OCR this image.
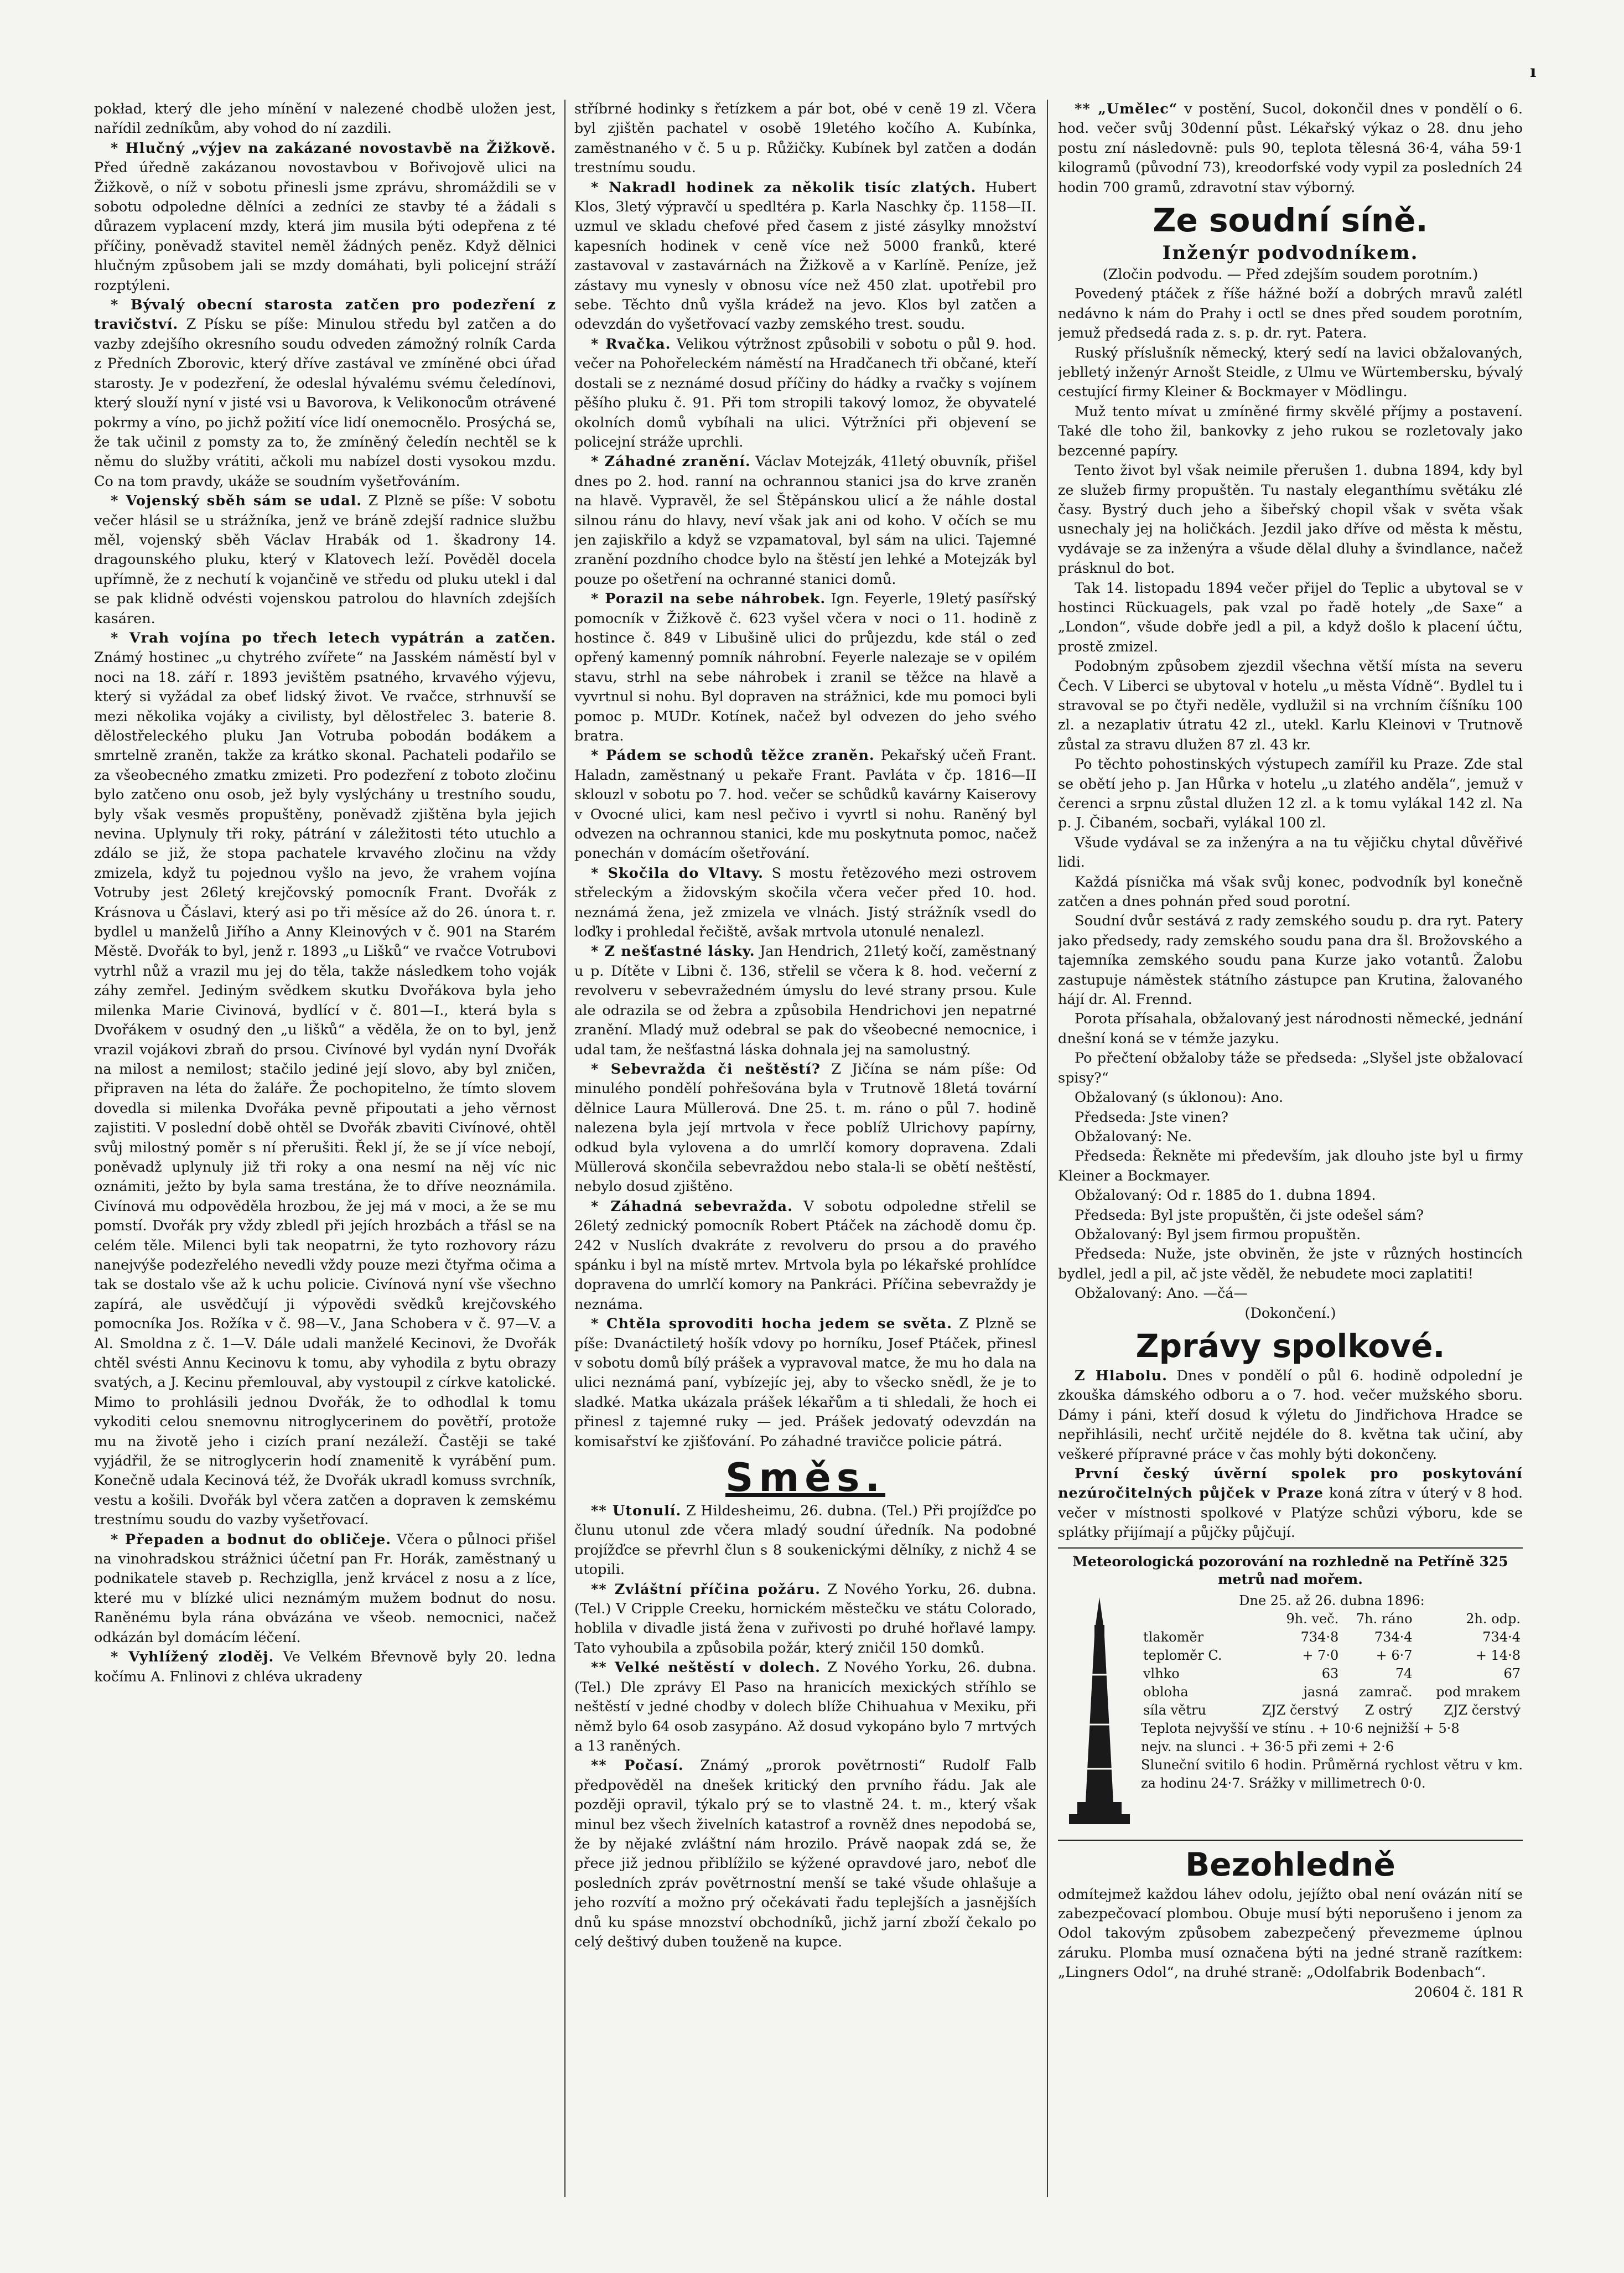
ı

pokład, který dle jeho mínění v nalezené chodbě uložen jest, nařídil zedníkům, aby vohod do ní zazdili.

* Hlučný „výjev na zakázané novostavbě na Žižkově. Před úředně zakázanou novostavbou v Bořivojově ulici na Žižkově, o níž v sobotu přinesli jsme zprávu, shromáždili se v sobotu odpoledne dělníci a zedníci ze stavby té a žádali s důrazem vyplacení mzdy, která jim musila býti odepřena z té příčiny, poněvadž stavitel neměl žádných peněz. Když dělnici hlučným způsobem jali se mzdy domáhati, byli policejní stráží rozptýleni.

* Bývalý obecní starosta zatčen pro podezření z travičství. Z Písku se píše: Minulou středu byl zatčen a do vazby zdejšího okresního soudu odveden zámožný rolník Carda z Předních Zborovic, který dříve zastával ve zmíněné obci úřad starosty. Je v podezření, že odeslal hývalému svému čeledínovi, který slouží nyní v jisté vsi u Bavorova, k Velikonocům otrávené pokrmy a víno, po jichž požití více lidí onemocnělo. Prosýchá se, že tak učinil z pomsty za to, že zmíněný čeledín nechtěl se k němu do služby vrátiti, ačkoli mu nabízel dosti vysokou mzdu. Co na tom pravdy, ukáže se soudním vyšetřováním.

* Vojenský sběh sám se udal. Z Plzně se píše: V sobotu večer hlásil se u strážníka, jenž ve bráně zdejší radnice službu měl, vojenský sběh Václav Hrabák od 1. škadrony 14. dragounského pluku, který v Klatovech leží. Pověděl docela upřímně, že z nechutí k vojančině ve středu od pluku utekl i dal se pak klidně odvésti vojenskou patrolou do hlavních zdejších kasáren.

* Vrah vojína po třech letech vypátrán a zatčen. Známý hostinec „u chytrého zvířete“ na Jasském náměstí byl v noci na 18. září r. 1893 jevištěm psatného, krvavého výjevu, který si vyžádal za obeť lidský život. Ve rvačce, strhnuvší se mezi několika vojáky a civilisty, byl dělostřelec 3. baterie 8. dělostřeleckého pluku Jan Votruba pobodán bodákem a smrtelně zraněn, takže za krátko skonal. Pachateli podařilo se za všeobecného zmatku zmizeti. Pro podezření z toboto zločinu bylo zatčeno onu osob, jež byly vyslýchány u trestního soudu, byly však vesměs propuštěny, poněvadž zjištěna byla jejich nevina. Uplynuly tři roky, pátrání v záležitosti této utuchlo a zdálo se již, že stopa pachatele krvavého zločinu na vždy zmizela, když tu pojednou vyšlo na jevo, že vrahem vojína Votruby jest 26letý krejčovský pomocník Frant. Dvořák z Krásnova u Čáslavi, který asi po tři měsíce až do 26. února t. r. bydlel u manželů Jiřího a Anny Kleinových v č. 901 na Starém Městě. Dvořák to byl, jenž r. 1893 „u Lišků“ ve rvačce Votrubovi vytrhl nůž a vrazil mu jej do těla, takže následkem toho voják záhy zemřel. Jediným svědkem skutku Dvořákova byla jeho milenka Marie Civinová, bydlící v č. 801—I., která byla s Dvořákem v osudný den „u lišků“ a věděla, že on to byl, jenž vrazil vojákovi zbraň do prsou. Civínové byl vydán nyní Dvořák na milost a nemilost; stačilo jediné její slovo, aby byl zničen, připraven na léta do žaláře. Že pochopitelno, že tímto slovem dovedla si milenka Dvořáka pevně připoutati a jeho věrnost zajistiti. V poslední době ohtěl se Dvořák zbaviti Civínové, ohtěl svůj milostný poměr s ní přerušiti. Řekl jí, že se jí více nebojí, poněvadž uplynuly již tři roky a ona nesmí na něj víc nic oznámiti, ježto by byla sama trestána, že to dříve neoznámila. Civínová mu odpověděla hrozbou, že jej má v moci, a že se mu pomstí. Dvořák pry vždy zbledl při jejích hrozbách a třásl se na celém těle. Milenci byli tak neopatrni, že tyto rozhovory rázu nanejvýše podezřelého nevedli vždy pouze mezi čtyřma očima a tak se dostalo vše až k uchu policie. Civínová nyní vše všechno zapírá, ale usvědčují ji výpovědi svědků krejčovského pomocníka Jos. Rožíka v č. 98—V., Jana Schobera v č. 97—V. a Al. Smoldna z č. 1—V. Dále udali manželé Kecinovi, že Dvořák chtěl svésti Annu Kecinovu k tomu, aby vyhodila z bytu obrazy svatých, a J. Kecinu přemlouval, aby vystoupil z církve katolické. Mimo to prohlásili jednou Dvořák, že to odhodlal k tomu vykoditi celou snemovnu nitroglycerinem do povětří, protože mu na životě jeho i cizích praní nezáleží. Častěji se také vyjádřil, že se nitroglycerin hodí znamenitě k vyrábění pum. Konečně udala Kecinová též, že Dvořák ukradl komuss svrchník, vestu a košili. Dvořák byl včera zatčen a dopraven k zemskému trestnímu soudu do vazby vyšetřovací.

* Přepaden a bodnut do obličeje. Včera o půlnoci přišel na vinohradskou strážnici účetní pan Fr. Horák, zaměstnaný u podnikatele staveb p. Rechziglla, jenž krvácel z nosu a z líce, které mu v blízké ulici neznámým mužem bodnut do nosu. Raněnému byla rána obvázána ve všeob. nemocnici, načež odkázán byl domácím léčení.

* Vyhlížený zloděj. Ve Velkém Břevnově byly 20. ledna kočímu A. Fnlinovi z chléva ukradeny

stříbrné hodinky s řetízkem a pár bot, obé v ceně 19 zl. Včera byl zjištěn pachatel v osobě 19letého kočího A. Kubínka, zaměstnaného v č. 5 u p. Růžičky. Kubínek byl zatčen a dodán trestnímu soudu.

* Nakradl hodinek za několik tisíc zlatých. Hubert Klos, 3letý výpravčí u spedltéra p. Karla Naschky čp. 1158—II. uzmul ve skladu chefové před časem z jisté zásylky množství kapesních hodinek v ceně více než 5000 franků, které zastavoval v zastavárnách na Žižkově a v Karlíně. Peníze, jež zástavy mu vynesly v obnosu více než 450 zlat. upotřebil pro sebe. Těchto dnů vyšla krádež na jevo. Klos byl zatčen a odevzdán do vyšetřovací vazby zemského trest. soudu.

* Rvačka. Velikou výtržnost způsobili v sobotu o půl 9. hod. večer na Pohořeleckém náměstí na Hradčanech tři občané, kteří dostali se z neznámé dosud příčiny do hádky a rvačky s vojínem pěšího pluku č. 91. Při tom stropili takový lomoz, že obyvatelé okolních domů vybíhali na ulici. Výtržníci při objevení se policejní stráže uprchli.

* Záhadné zranění. Václav Motejzák, 41letý obuvník, přišel dnes po 2. hod. ranní na ochrannou stanici jsa do krve zraněn na hlavě. Vypravěl, že sel Štěpánskou ulicí a že náhle dostal silnou ránu do hlavy, neví však jak ani od koho. V očích se mu jen zajiskřilo a když se vzpamatoval, byl sám na ulici. Tajemné zranění pozdního chodce bylo na štěstí jen lehké a Motejzák byl pouze po ošetření na ochranné stanici domů.

* Porazil na sebe náhrobek. Ign. Feyerle, 19letý pasířský pomocník v Žižkově č. 623 vyšel včera v noci o 11. hodině z hostince č. 849 v Libušině ulici do průjezdu, kde stál o zeď opřený kamenný pomník náhrobní. Feyerle nalezaje se v opilém stavu, strhl na sebe náhrobek i zranil se těžce na hlavě a vyvrtnul si nohu. Byl dopraven na strážnici, kde mu pomoci byli pomoc p. MUDr. Kotínek, načež byl odvezen do jeho svého bratra.

* Pádem se schodů těžce zraněn. Pekařský učeň Frant. Haladn, zaměstnaný u pekaře Frant. Pavláta v čp. 1816—II sklouzl v sobotu po 7. hod. večer se schůdků kavárny Kaiserovy v Ovocné ulici, kam nesl pečivo i vyvrtl si nohu. Raněný byl odvezen na ochrannou stanici, kde mu poskytnuta pomoc, načež ponechán v domácím ošetřování.

* Skočila do Vltavy. S mostu řetězového mezi ostrovem střeleckým a židovským skočila včera večer před 10. hod. neznámá žena, jež zmizela ve vlnách. Jistý strážník vsedl do loďky i prohledal řečiště, avšak mrtvola utonulé nenalezl.

* Z nešťastné lásky. Jan Hendrich, 21letý kočí, zaměstnaný u p. Dítěte v Libni č. 136, střelil se včera k 8. hod. večerní z revolveru v sebevražedném úmyslu do levé strany prsou. Kule ale odrazila se od žebra a způsobila Hendrichovi jen nepatrné zranění. Mladý muž odebral se pak do všeobecné nemocnice, i udal tam, že nešťastná láska dohnala jej na samolustný.

* Sebevražda či neštěstí? Z Jičína se nám píše: Od minulého pondělí pohřešována byla v Trutnově 18letá tovární dělnice Laura Müllerová. Dne 25. t. m. ráno o půl 7. hodině nalezena byla její mrtvola v řece poblíž Ulrichovy papírny, odkud byla vylovena a do umrlčí komory dopravena. Zdali Müllerová skončila sebevraždou nebo stala-li se obětí neštěstí, nebylo dosud zjištěno.

* Záhadná sebevražda. V sobotu odpoledne střelil se 26letý zednický pomocník Robert Ptáček na záchodě domu čp. 242 v Nuslích dvakráte z revolveru do prsou a do pravého spánku i byl na místě mrtev. Mrtvola byla po lékařské prohlídce dopravena do umrlčí komory na Pankráci. Příčina sebevraždy je neznáma.

* Chtěla sprovoditi hocha jedem se světa. Z Plzně se píše: Dvanáctiletý hošík vdovy po horníku, Josef Ptáček, přinesl v sobotu domů bílý prášek a vypravoval matce, že mu ho dala na ulici neznámá paní, vybízejíc jej, aby to všecko snědl, že je to sladké. Matka ukázala prášek lékařům a ti shledali, že hoch ei přinesl z tajemné ruky — jed. Prášek jedovatý odevzdán na komisařství ke zjišťování. Po záhadné travičce policie pátrá.

Směs.

** Utonulí. Z Hildesheimu, 26. dubna. (Tel.) Při projížďce po člunu utonul zde včera mladý soudní úředník. Na podobné projížďce se převrhl člun s 8 soukenickými dělníky, z nichž 4 se utopili.

** Zvláštní příčina požáru. Z Nového Yorku, 26. dubna. (Tel.) V Cripple Creeku, hornickém městečku ve státu Colorado, hoblila v divadle jistá žena v zuřivosti po druhé hořlavé lampy. Tato vyhoubila a způsobila požár, který zničil 150 domků.

** Velké neštěstí v dolech. Z Nového Yorku, 26. dubna. (Tel.) Dle zprávy El Paso na hranicích mexických stříhlo se neštěstí v jedné chodby v dolech blíže Chihuahua v Mexiku, při němž bylo 64 osob zasypáno. Až dosud vykopáno bylo 7 mrtvých a 13 raněných.

** Počasí. Známý „prorok povětrnosti“ Rudolf Falb předpověděl na dnešek kritický den prvního řádu. Jak ale později opravil, týkalo prý se to vlastně 24. t. m., který však minul bez všech živelních katastrof a rovněž dnes nepodobá se, že by nějaké zvláštní nám hrozilo. Právě naopak zdá se, že přece již jednou přiblížilo se kýžené opravdové jaro, neboť dle posledních zpráv povětrnostní menší se také všude ohlašuje a jeho rozvítí a možno prý očekávati řadu teplejších a jasnějších dnů ku spáse mnozství obchodníků, jichž jarní zboží čekalo po celý deštivý duben touženě na kupce.

** „Umělec“ v postění, Sucol, dokončil dnes v pondělí o 6. hod. večer svůj 30denní půst. Lékařský výkaz o 28. dnu jeho postu zní následovně: puls 90, teplota tělesná 36·4, váha 59·1 kilogramů (původní 73), kreodorfské vody vypil za posledních 24 hodin 700 gramů, zdravotní stav výborný.

Ze soudní síně.
Inženýr podvodníkem.

(Zločin podvodu. — Před zdejším soudem porotním.)

Povedený ptáček z říše hážné boží a dobrých mravů zalétl nedávno k nám do Prahy i octl se dnes před soudem porotním, jemuž předsedá rada z. s. p. dr. ryt. Patera.

Ruský příslušník německý, který sedí na lavici obžalovaných, jeblletý inženýr Arnošt Steidle, z Ulmu ve Würtembersku, bývalý cestující firmy Kleiner & Bockmayer v Mödlingu.

Muž tento mívat u zmíněné firmy skvělé příjmy a postavení. Také dle toho žil, bankovky z jeho rukou se rozletovaly jako bezcenné papíry.

Tento život byl však neimile přerušen 1. dubna 1894, kdy byl ze služeb firmy propuštěn. Tu nastaly eleganthímu světáku zlé časy. Bystrý duch jeho a šibeřský chopil však v světa však usnechaly jej na holičkách. Jezdil jako dříve od města k městu, vydávaje se za inženýra a všude dělal dluhy a švindlance, načež prásknul do bot.

Tak 14. listopadu 1894 večer přijel do Teplic a ubytoval se v hostinci Rückuagels, pak vzal po řadě hotely „de Saxe“ a „London“, všude dobře jedl a pil, a když došlo k placení účtu, prostě zmizel.

Podobným způsobem zjezdil všechna větší místa na severu Čech. V Liberci se ubytoval v hotelu „u města Vídně“. Bydlel tu i stravoval se po čtyři neděle, vydlužil si na vrchním číšníku 100 zl. a nezaplativ útratu 42 zl., utekl. Karlu Kleinovi v Trutnově zůstal za stravu dlužen 87 zl. 43 kr.

Po těchto pohostinských výstupech zamířil ku Praze. Zde stal se obětí jeho p. Jan Hůrka v hotelu „u zlatého anděla“, jemuž v čerenci a srpnu zůstal dlužen 12 zl. a k tomu vylákal 142 zl. Na p. J. Čibaném, socbaři, vylákal 100 zl.

Všude vydával se za inženýra a na tu vějičku chytal důvěřivé lidi.

Každá písnička má však svůj konec, podvodník byl konečně zatčen a dnes pohnán před soud porotní.

Soudní dvůr sestává z rady zemského soudu p. dra ryt. Patery jako předsedy, rady zemského soudu pana dra šl. Brožovského a tajemníka zemského soudu pana Kurze jako votantů. Žalobu zastupuje náměstek státního zástupce pan Krutina, žalovaného hájí dr. Al. Frennd.

Porota přísahala, obžalovaný jest národnosti německé, jednání dnešní koná se v témže jazyku.

Po přečtení obžaloby táže se předseda: „Slyšel jste obžalovací spisy?“

Obžalovaný (s úklonou): Ano.

Předseda: Jste vinen?

Obžalovaný: Ne.

Předseda: Řekněte mi především, jak dlouho jste byl u firmy Kleiner a Bockmayer.

Obžalovaný: Od r. 1885 do 1. dubna 1894.

Předseda: Byl jste propuštěn, či jste odešel sám?

Obžalovaný: Byl jsem firmou propuštěn.

Předseda: Nuže, jste obviněn, že jste v různých hostincích bydlel, jedl a pil, ač jste věděl, že nebudete moci zaplatiti!

Obžalovaný: Ano. —čá—

(Dokončení.)

Zprávy spolkové.

Z Hlabolu. Dnes v pondělí o půl 6. hodině odpolední je zkouška dámského odboru a o 7. hod. večer mužského sboru. Dámy i páni, kteří dosud k výletu do Jindřichova Hradce se nepřihlásili, nechť určitě nejdéle do 8. května tak učiní, aby veškeré přípravné práce v čas mohly býti dokončeny.

První český úvěrní spolek pro poskytování nezúročitelných půjček v Praze koná zítra v úterý v 8 hod. večer v místnosti spolkové v Platýze schůzi výboru, kde se splátky přijímají a půjčky půjčují.

Meteorologická pozorování na rozhledně na Petříně 325 metrů nad mořem.
Dne 25. až 26. dubna 1896:			
	9h. več.	7h. ráno	2h. odp.
tlakoměr	734·8	734·4	734·4
teploměr C.	+ 7·0	+ 6·7	+ 14·8
vlhko	63	74	67
obloha	jasná	zamrač.	pod mrakem
síla větru	ZJZ čerstvý	Z ostrý	ZJZ čerstvý
Teplota nejvyšší ve stínu . + 10·6 nejnižší + 5·8
nejv. na slunci . + 36·5 při zemi + 2·6
Sluneční svitilo 6 hodin. Průměrná rychlost větru v km. za hodinu 24·7. Srážky v millimetrech 0·0.
Bezohledně

odmítejmež každou láhev odolu, jejížto obal není ovázán nití se zabezpečovací plombou. Obuje musí býti neporušeno i jenom za Odol takovým způsobem zabezpečený převezmeme úplnou záruku. Plomba musí označena býti na jedné straně razítkem: „Lingners Odol“, na druhé straně: „Odolfabrik Bodenbach“.

20604 č. 181 R
